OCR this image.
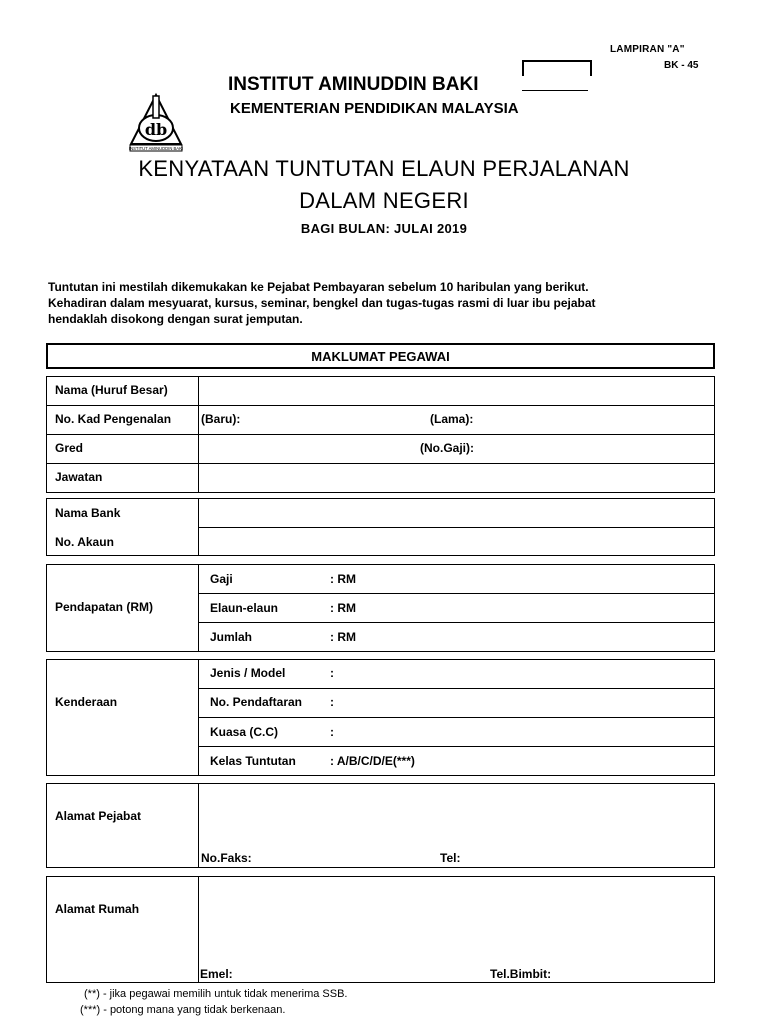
LAMPIRAN "A"
BK - 45
db
INSTITUT AMINUDDIN BAKI
INSTITUT AMINUDDIN BAKI
KEMENTERIAN PENDIDIKAN MALAYSIA
KENYATAAN TUNTUTAN ELAUN PERJALANAN
DALAM NEGERI
BAGI BULAN: JULAI 2019
Tuntutan ini mestilah dikemukakan ke Pejabat Pembayaran sebelum 10 haribulan yang berikut.
Kehadiran dalam mesyuarat, kursus, seminar, bengkel dan tugas-tugas rasmi di luar ibu pejabat
hendaklah disokong dengan surat jemputan.
MAKLUMAT PEGAWAI
Nama (Huruf Besar)
No. Kad Pengenalan (Baru):	(Lama):
Gred	(No.Gaji):
Jawatan
Nama Bank
No. Akaun
Pendapatan (RM)
Gaji	: RM
Elaun-elaun	: RM
Jumlah	: RM
Kenderaan
Jenis / Model	:
No. Pendaftaran :
Kuasa (C.C)	:
Kelas Tuntutan	: A/B/C/D/E(***)
Alamat Pejabat
No.Faks:	Tel:
Alamat Rumah
Emel:	Tel.Bimbit:
(**) - jika pegawai memilih untuk tidak menerima SSB.
(***) - potong mana yang tidak berkenaan.
